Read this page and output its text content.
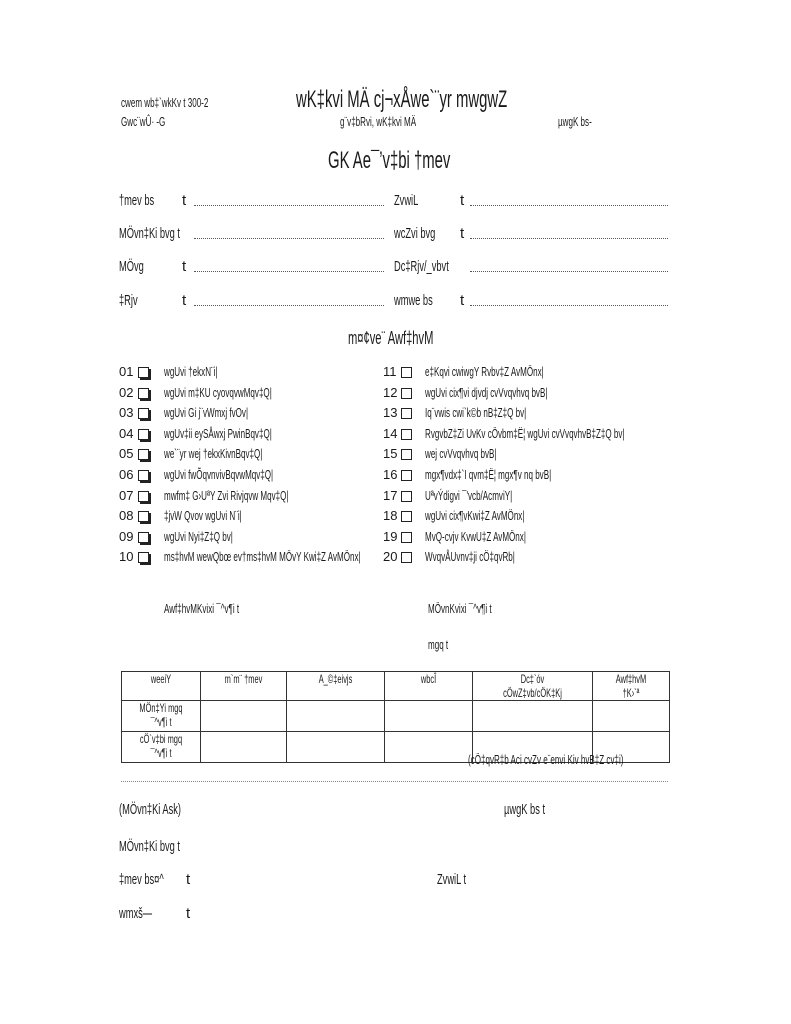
cwem wb‡`wkKv t 300-2
Gwc¨wÛ· -G
wK‡kvi MÄ cj¬xÅwe`¨yr mwgwZ
g¨v‡bRvi, wK‡kvi MÄ	µwgK bs-
GK Ae¯’v‡bi †mev
†mev bs	t	ZvwiL	t
MÖvn‡Ki bvg t	wcZvi bvg	t
MÖvg	t	Dc‡Rjv/_vbvt
‡Rjv	t	wmwe bs	t
m¤¢ve¨ Awf‡hvM
01 wgUvi †ekxN¨i|
02 wgUvi m‡KU cyovqvwMqv‡Q|
03 wgUvi Gi j¨vWmxj fvOv|
04 wgUv‡ii eySÅwxj PwinBqv‡Q|
05 we`¨yr wej †ekxKivnBqv‡Q|
06 wgUvi fwÕqvnvivBqvwMqv‡Q|
07 mwfm‡ G›UªY Zvi Rivjqvw Mqv‡Q|
08 ‡jvW Qvov wgUvi N¨i|
09 wgUvi Nyi‡Z‡Q bv|
10 ms‡hvM wewQbœ ev†ms‡hvM MÖvY Kwi‡Z AvMÖnx|
11 e‡Kqvi cwiwgY Rvbv‡Z AvMÖnx|
12 wgUvi cix¶vi djvdj cvVvqvhvq bvB|
13 Iq¨vwis cwi`k©b nB‡Z‡Q bv|
14 RvgvbZ‡Zi UvKv cÖvbm‡Ë¦ wgUvi cvVvqvhvB‡Z‡Q bv|
15 wej cvVvqvhvq bvB|
16 mgx¶vdx‡`I qvm‡Ë¦ mgx¶v nq bvB|
17 UªvÝdigvi ¯'vcb/AcmviY|
18 wgUvi cix¶vKwi‡Z AvMÖnx|
19 MvQ-cvjv KvwU‡Z AvMÖnx|
20 WvqvÅUvnv‡ji cÖ‡qvRb|
Awf‡hvMKvixi ¯^v¶i t	MÖvnKvixi ¯^v¶i t
mgq t
weeiY	m`m¨ †mev	A_©‡eivjs	wbcÎ	Dc‡`óv cÖwZ‡vb/cÖK‡Kj	Awf‡hvM †K›`ª

MÖn‡Yi mgq ¯^v¶i t					

cÖ`v‡bi mgq ¯^v¶i t					
						(cÖ‡qvR‡b Aci cvZv e¨envi Kiv hvB‡Z cv‡i)
(MÖvn‡Ki Ask)	µwgK bs t
MÖvn‡Ki bvg t
‡mev bs¤^	t	ZvwiL t
wmxš—	t
